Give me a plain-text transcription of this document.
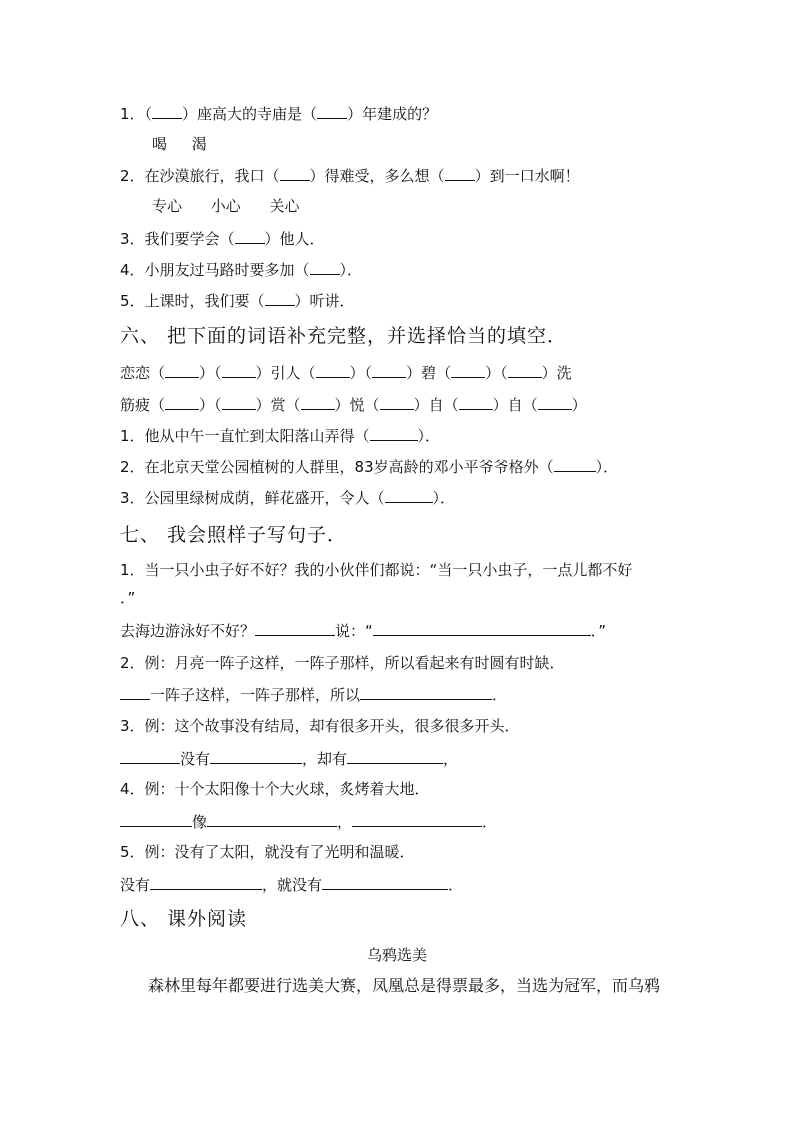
1．（ ）座高大的寺庙是（ ）年建成的？
喝 渴
2．在沙漠旅行，我口（ ）得难受，多么想（ ）到一口水啊！
专心 小心 关心
3．我们要学会（ ）他人．
4．小朋友过马路时要多加（ ）．
5．上课时，我们要（ ）听讲．
六、 把下面的词语补充完整，并选择恰当的填空．
恋恋（ ）（ ）引人（ ）（ ）碧（ ）（ ）洗
筋疲（ ）（ ）赏（ ）悦（ ）自（ ）自（ ）
1．他从中午一直忙到太阳落山弄得（	）．
2．在北京天堂公园植树的人群里，83岁高龄的邓小平爷爷格外（	）．
3．公园里绿树成荫，鲜花盛开，令人（	）．
七、 我会照样子写句子．
1．当一只小虫子好不好？我的小伙伴们都说：“当一只小虫子，一点儿都不好
．”
去海边游泳好不好？	说：“	．”
2．例：月亮一阵子这样，一阵子那样，所以看起来有时圆有时缺．
一阵子这样，一阵子那样，所以	．
3．例：这个故事没有结局，却有很多开头，很多很多开头．
没有	，却有	，
4．例：十个太阳像十个大火球，炙烤着大地．
像	，	．
5．例：没有了太阳，就没有了光明和温暖．
没有	，就没有	．
八、 课外阅读
乌鸦选美
森林里每年都要进行选美大赛，凤凰总是得票最多，当选为冠军，而乌鸦
